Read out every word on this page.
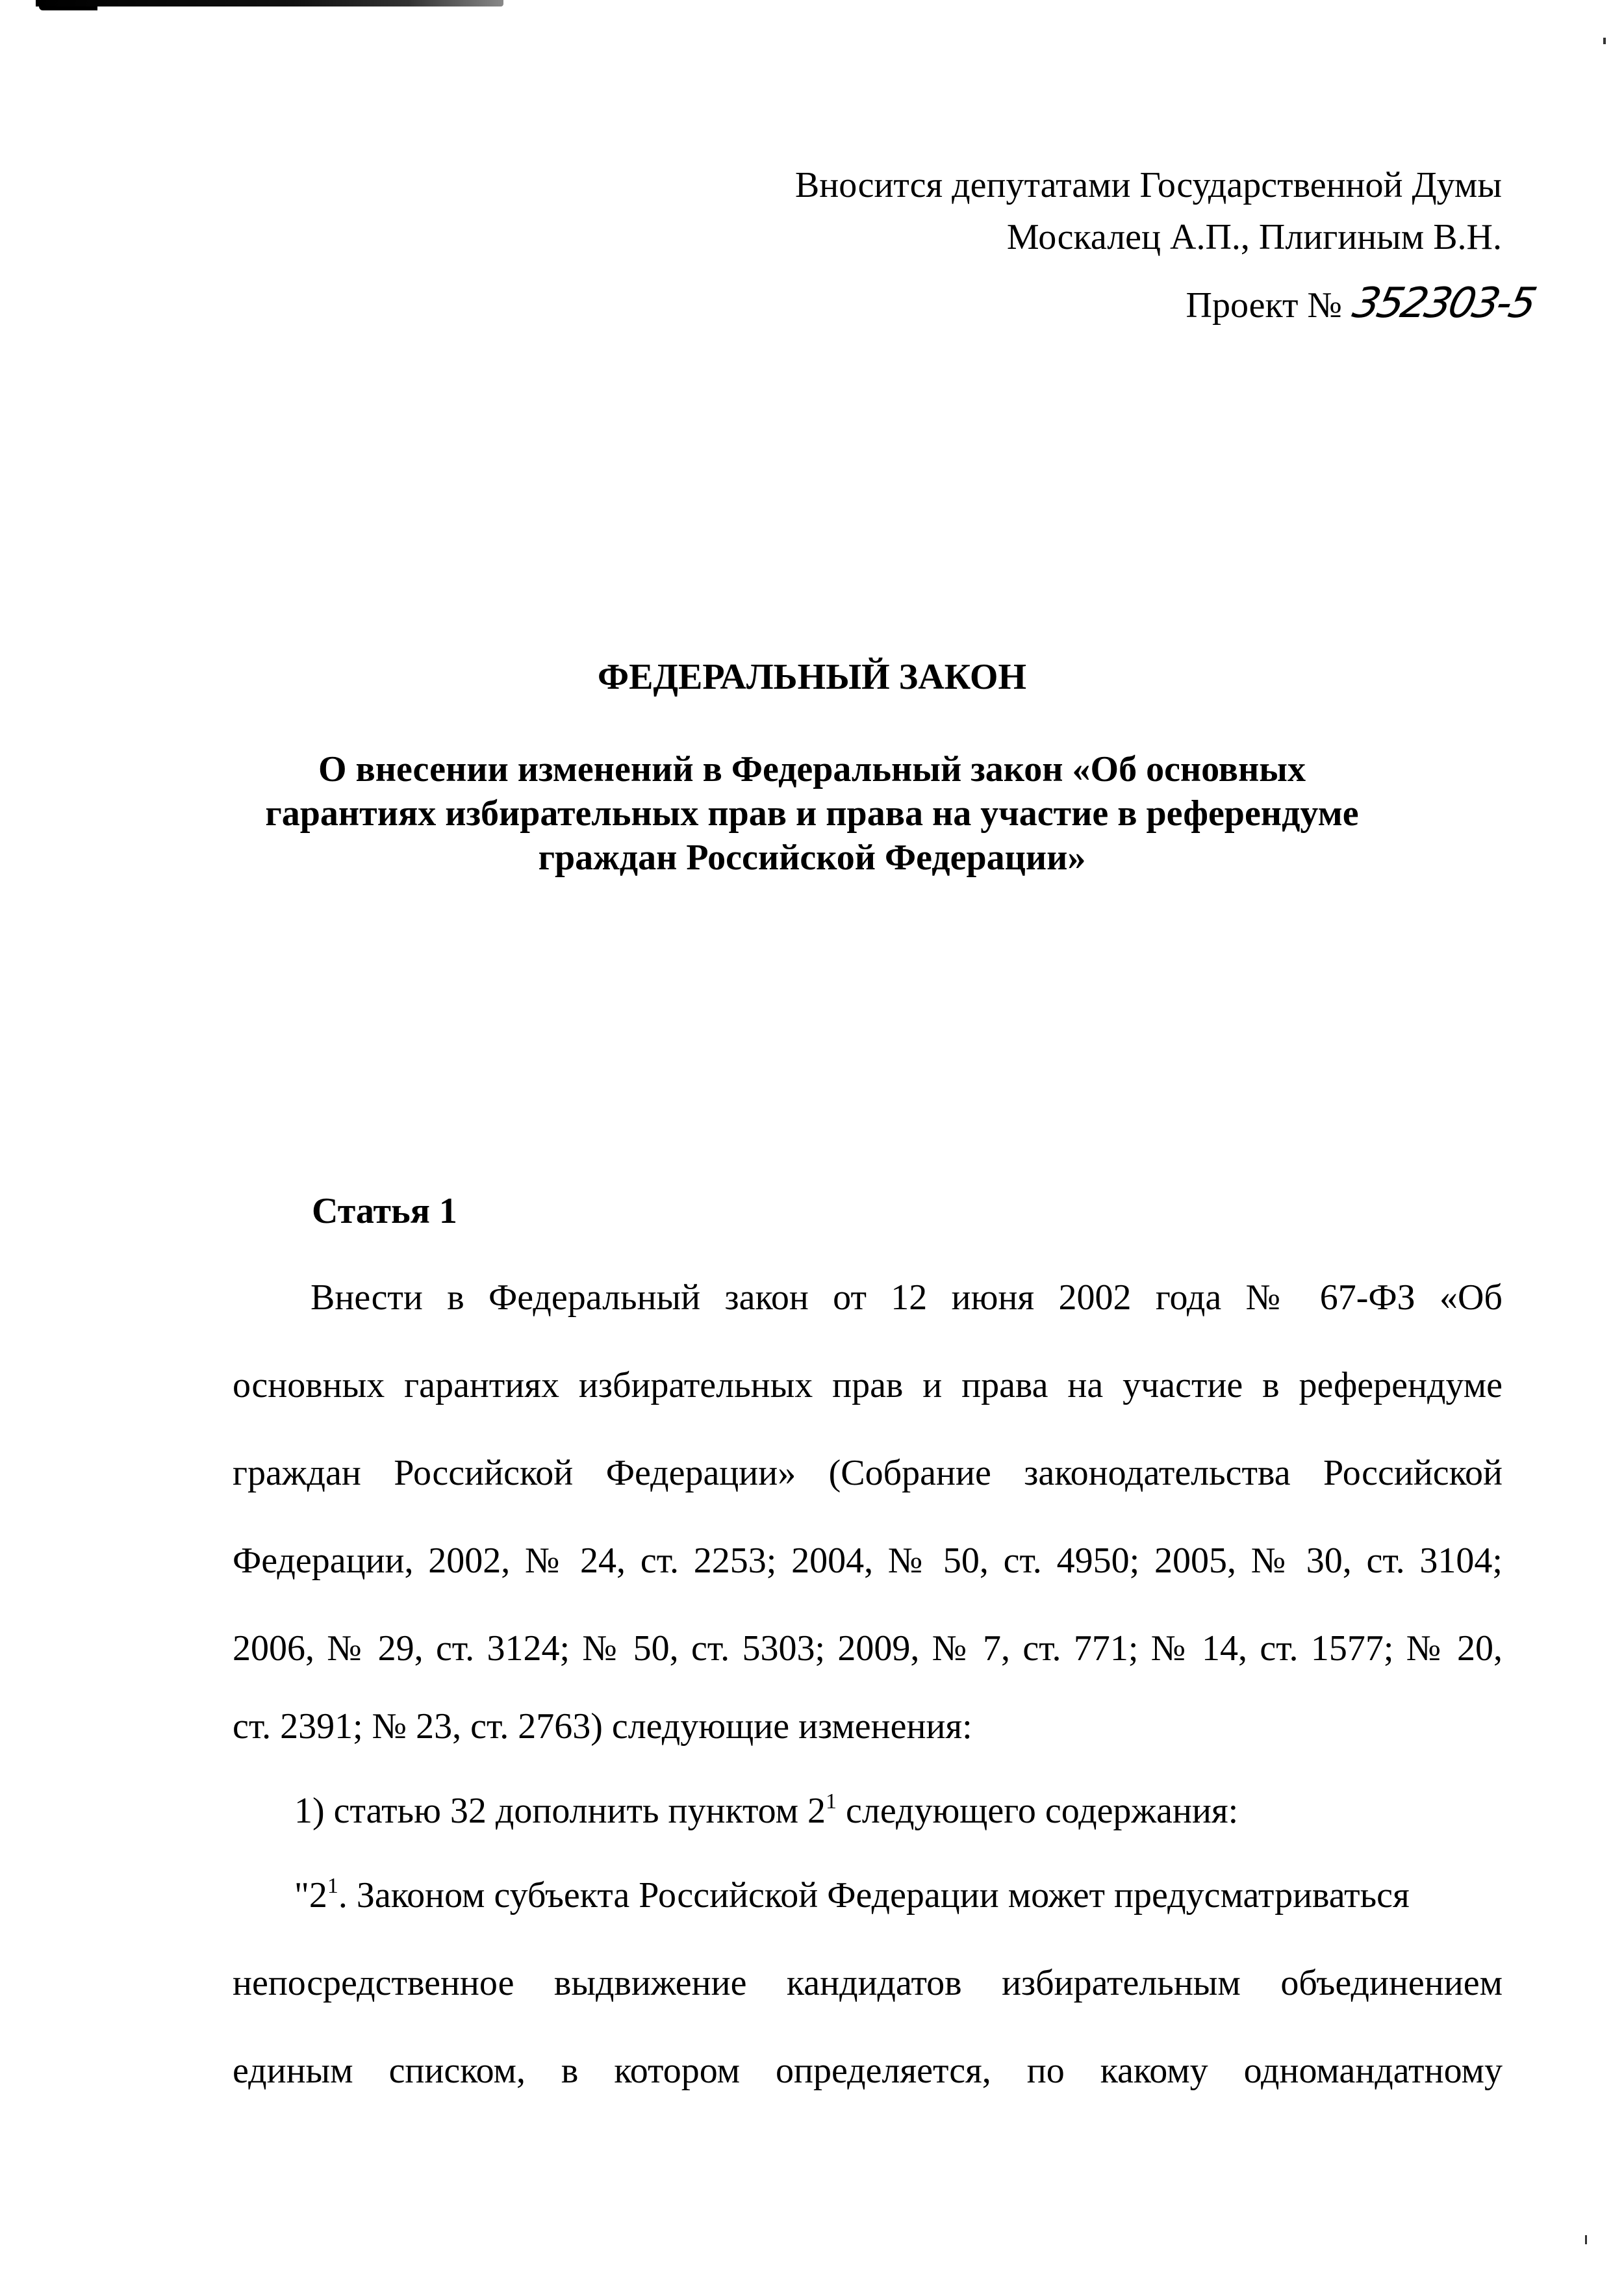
Вносится депутатами Государственной Думы
Москалец А.П., Плигиным В.Н.
Проект № 352303-5
ФЕДЕРАЛЬНЫЙ ЗАКОН
О внесении изменений в Федеральный закон «Об основных
гарантиях избирательных прав и права на участие в референдуме
граждан Российской Федерации»
Статья 1
Внести в Федеральный закон от 12 июня 2002 года № 67-ФЗ «Об
основных гарантиях избирательных прав и права на участие в референдуме
граждан Российской Федерации» (Собрание законодательства Российской
Федерации, 2002, № 24, ст. 2253; 2004, № 50, ст. 4950; 2005, № 30, ст. 3104;
2006, № 29, ст. 3124; № 50, ст. 5303; 2009, № 7, ст. 771; № 14, ст. 1577; № 20,
ст. 2391; № 23, ст. 2763) следующие изменения:
1) статью 32 дополнить пунктом $2^1$ следующего содержания:
"$2^1$. Законом субъекта Российской Федерации может предусматриваться
непосредственное выдвижение кандидатов избирательным объединением
единым списком, в котором определяется, по какому одномандатному
